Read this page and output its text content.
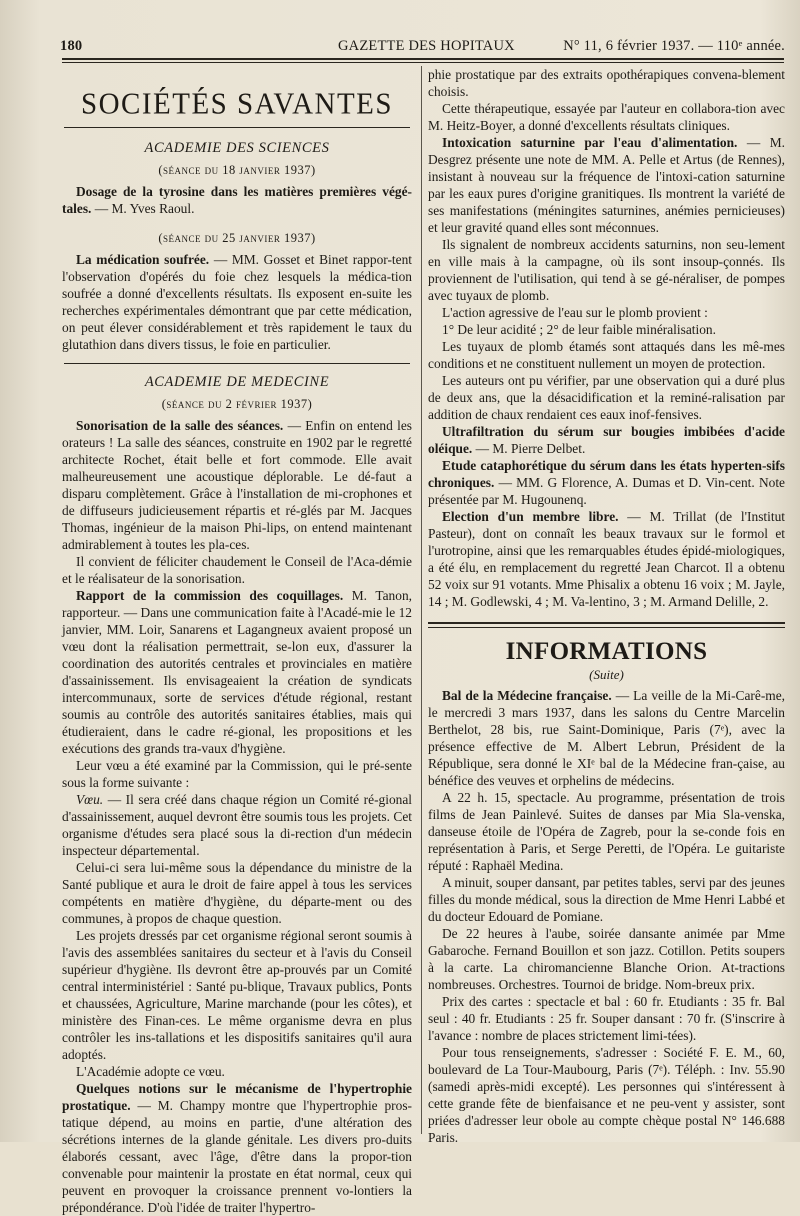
180	GAZETTE DES HOPITAUX	N° 11, 6 février 1937. — 110ᵉ année.
SOCIÉTÉS SAVANTES
ACADEMIE DES SCIENCES
(séance du 18 janvier 1937)

Dosage de la tyrosine dans les matières premières végé-tales. — M. Yves Raoul.

(séance du 25 janvier 1937)

La médication soufrée. — MM. Gosset et Binet rappor-tent l'observation d'opérés du foie chez lesquels la médica-tion soufrée a donné d'excellents résultats. Ils exposent en-suite les recherches expérimentales démontrant que par cette médication, on peut élever considérablement et très rapidement le taux du glutathion dans divers tissus, le foie en particulier.

ACADEMIE DE MEDECINE
(séance du 2 février 1937)

Sonorisation de la salle des séances. — Enfin on entend les orateurs ! La salle des séances, construite en 1902 par le regretté architecte Rochet, était belle et fort commode. Elle avait malheureusement une acoustique déplorable. Le dé-faut a disparu complètement. Grâce à l'installation de mi-crophones et de diffuseurs judicieusement répartis et ré-glés par M. Jacques Thomas, ingénieur de la maison Phi-lips, on entend maintenant admirablement à toutes les pla-ces.

Il convient de féliciter chaudement le Conseil de l'Aca-démie et le réalisateur de la sonorisation.

Rapport de la commission des coquillages. M. Tanon, rapporteur. — Dans une communication faite à l'Acadé-mie le 12 janvier, MM. Loir, Sanarens et Lagangneux avaient proposé un vœu dont la réalisation permettrait, se-lon eux, d'assurer la coordination des autorités centrales et provinciales en matière d'assainissement. Ils envisageaient la création de syndicats intercommunaux, sorte de services d'étude régional, restant soumis au contrôle des autorités sanitaires établies, mais qui étudieraient, dans le cadre ré-gional, les propositions et les exécutions des grands tra-vaux d'hygiène.

Leur vœu a été examiné par la Commission, qui le pré-sente sous la forme suivante :

Vœu. — Il sera créé dans chaque région un Comité ré-gional d'assainissement, auquel devront être soumis tous les projets. Cet organisme d'études sera placé sous la di-rection d'un médecin inspecteur départemental.

Celui-ci sera lui-même sous la dépendance du ministre de la Santé publique et aura le droit de faire appel à tous les services compétents en matière d'hygiène, du départe-ment ou des communes, à propos de chaque question.

Les projets dressés par cet organisme régional seront soumis à l'avis des assemblées sanitaires du secteur et à l'avis du Conseil supérieur d'hygiène. Ils devront être ap-prouvés par un Comité central interministériel : Santé pu-blique, Travaux publics, Ponts et chaussées, Agriculture, Marine marchande (pour les côtes), et ministère des Finan-ces. Le même organisme devra en plus contrôler les ins-tallations et les dispositifs sanitaires qu'il aura adoptés.

L'Académie adopte ce vœu.

Quelques notions sur le mécanisme de l'hypertrophie prostatique. — M. Champy montre que l'hypertrophie pros-tatique dépend, au moins en partie, d'une altération des sécrétions internes de la glande génitale. Les divers pro-duits élaborés cessant, avec l'âge, d'être dans la propor-tion convenable pour maintenir la prostate en état normal, ceux qui peuvent en provoquer la croissance prennent vo-lontiers la prépondérance. D'où l'idée de traiter l'hypertro-

phie prostatique par des extraits opothérapiques convena-blement choisis.

Cette thérapeutique, essayée par l'auteur en collabora-tion avec M. Heitz-Boyer, a donné d'excellents résultats cliniques.

Intoxication saturnine par l'eau d'alimentation. — M. Desgrez présente une note de MM. A. Pelle et Artus (de Rennes), insistant à nouveau sur la fréquence de l'intoxi-cation saturnine par les eaux pures d'origine granitiques. Ils montrent la variété de ses manifestations (méningites saturnines, anémies pernicieuses) et leur gravité quand elles sont méconnues.

Ils signalent de nombreux accidents saturnins, non seu-lement en ville mais à la campagne, où ils sont insoup-çonnés. Ils proviennent de l'utilisation, qui tend à se gé-néraliser, de pompes avec tuyaux de plomb.

L'action agressive de l'eau sur le plomb provient :

1° De leur acidité ; 2° de leur faible minéralisation.

Les tuyaux de plomb étamés sont attaqués dans les mê-mes conditions et ne constituent nullement un moyen de protection.

Les auteurs ont pu vérifier, par une observation qui a duré plus de deux ans, que la désacidification et la reminé-ralisation par addition de chaux rendaient ces eaux inof-fensives.

Ultrafiltration du sérum sur bougies imbibées d'acide oléique. — M. Pierre Delbet.

Etude cataphorétique du sérum dans les états hyperten-sifs chroniques. — MM. G Florence, A. Dumas et D. Vin-cent. Note présentée par M. Hugounenq.

Election d'un membre libre. — M. Trillat (de l'Institut Pasteur), dont on connaît les beaux travaux sur le formol et l'urotropine, ainsi que les remarquables études épidé-miologiques, a été élu, en remplacement du regretté Jean Charcot. Il a obtenu 52 voix sur 91 votants. Mme Phisalix a obtenu 16 voix ; M. Jayle, 14 ; M. Godlewski, 4 ; M. Va-lentino, 3 ; M. Armand Delille, 2.

INFORMATIONS
(Suite)

Bal de la Médecine française. — La veille de la Mi-Carê-me, le mercredi 3 mars 1937, dans les salons du Centre Marcelin Berthelot, 28 bis, rue Saint-Dominique, Paris (7ᵉ), avec la présence effective de M. Albert Lebrun, Président de la République, sera donné le XIᵉ bal de la Médecine fran-çaise, au bénéfice des veuves et orphelins de médecins.

A 22 h. 15, spectacle. Au programme, présentation de trois films de Jean Painlevé. Suites de danses par Mia Sla-venska, danseuse étoile de l'Opéra de Zagreb, pour la se-conde fois en représentation à Paris, et Serge Peretti, de l'Opéra. Le guitariste réputé : Raphaël Medina.

A minuit, souper dansant, par petites tables, servi par des jeunes filles du monde médical, sous la direction de Mme Henri Labbé et du docteur Edouard de Pomiane.

De 22 heures à l'aube, soirée dansante animée par Mme Gabaroche. Fernand Bouillon et son jazz. Cotillon. Petits soupers à la carte. La chiromancienne Blanche Orion. At-tractions nombreuses. Orchestres. Tournoi de bridge. Nom-breux prix.

Prix des cartes : spectacle et bal : 60 fr. Etudiants : 35 fr. Bal seul : 40 fr. Etudiants : 25 fr. Souper dansant : 70 fr. (S'inscrire à l'avance : nombre de places strictement limi-tées).

Pour tous renseignements, s'adresser : Société F. E. M., 60, boulevard de La Tour-Maubourg, Paris (7ᵉ). Téléph. : Inv. 55.90 (samedi après-midi excepté). Les personnes qui s'intéressent à cette grande fête de bienfaisance et ne peu-vent y assister, sont priées d'adresser leur obole au compte chèque postal N° 146.688 Paris.
